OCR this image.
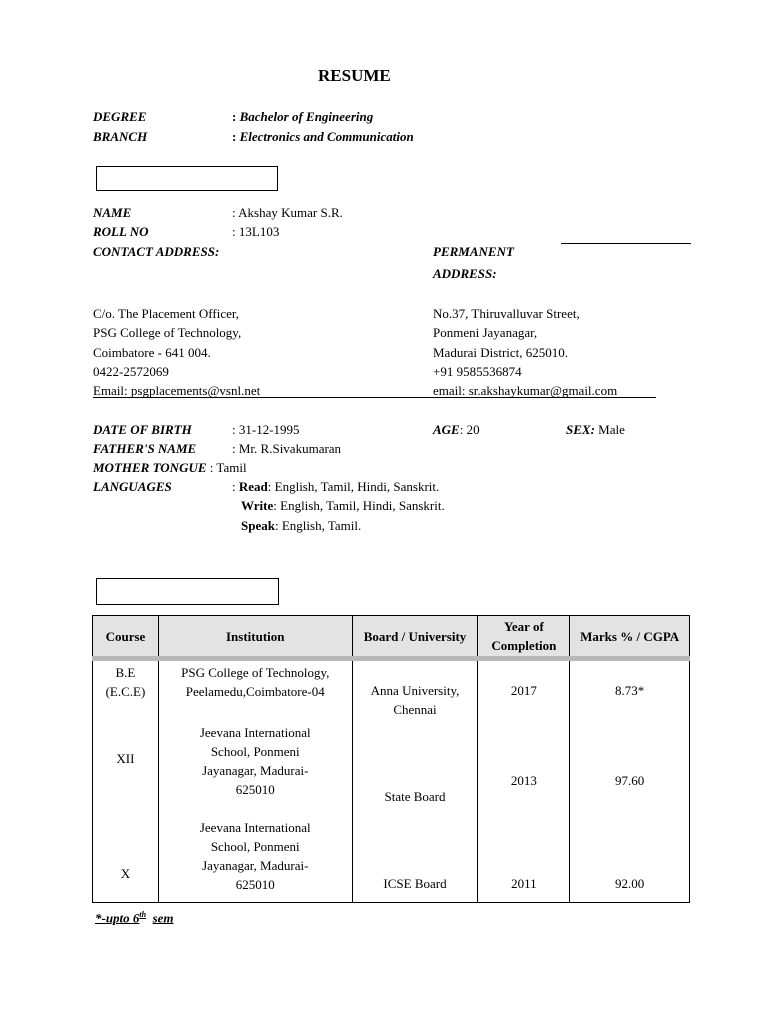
RESUME
DEGREE	: Bachelor of Engineering
BRANCH	: Electronics and Communication
NAME	: Akshay Kumar S.R.
ROLL NO	: 13L103
CONTACT ADDRESS:	PERMANENT
ADDRESS:
C/o. The Placement Officer,
PSG College of Technology,
Coimbatore - 641 004.
0422-2572069
Email: psgplacements@vsnl.net
No.37, Thiruvalluvar Street,
Ponmeni Jayanagar,
Madurai District, 625010.
+91 9585536874
email: sr.akshaykumar@gmail.com
DATE OF BIRTH	: 31-12-1995	AGE: 20	SEX: Male
FATHER'S NAME	: Mr. R.Sivakumaran
MOTHER TONGUE : Tamil
LANGUAGES	: Read: English, Tamil, Hindi, Sanskrit.
Write: English, Tamil, Hindi, Sanskrit.
Speak: English, Tamil.
Course	Institution	Board / University	Year of Completion	Marks % / CGPA
B.E (E.C.E)	PSG College of Technology, Peelamedu,Coimbatore-04	Anna University, Chennai	2017	8.73*
XII	Jeevana International School, Ponmeni Jayanagar, Madurai-625010	State Board	2013	97.60
X	Jeevana International School, Ponmeni Jayanagar, Madurai-625010	ICSE Board	2011	92.00
*-upto 6th sem
